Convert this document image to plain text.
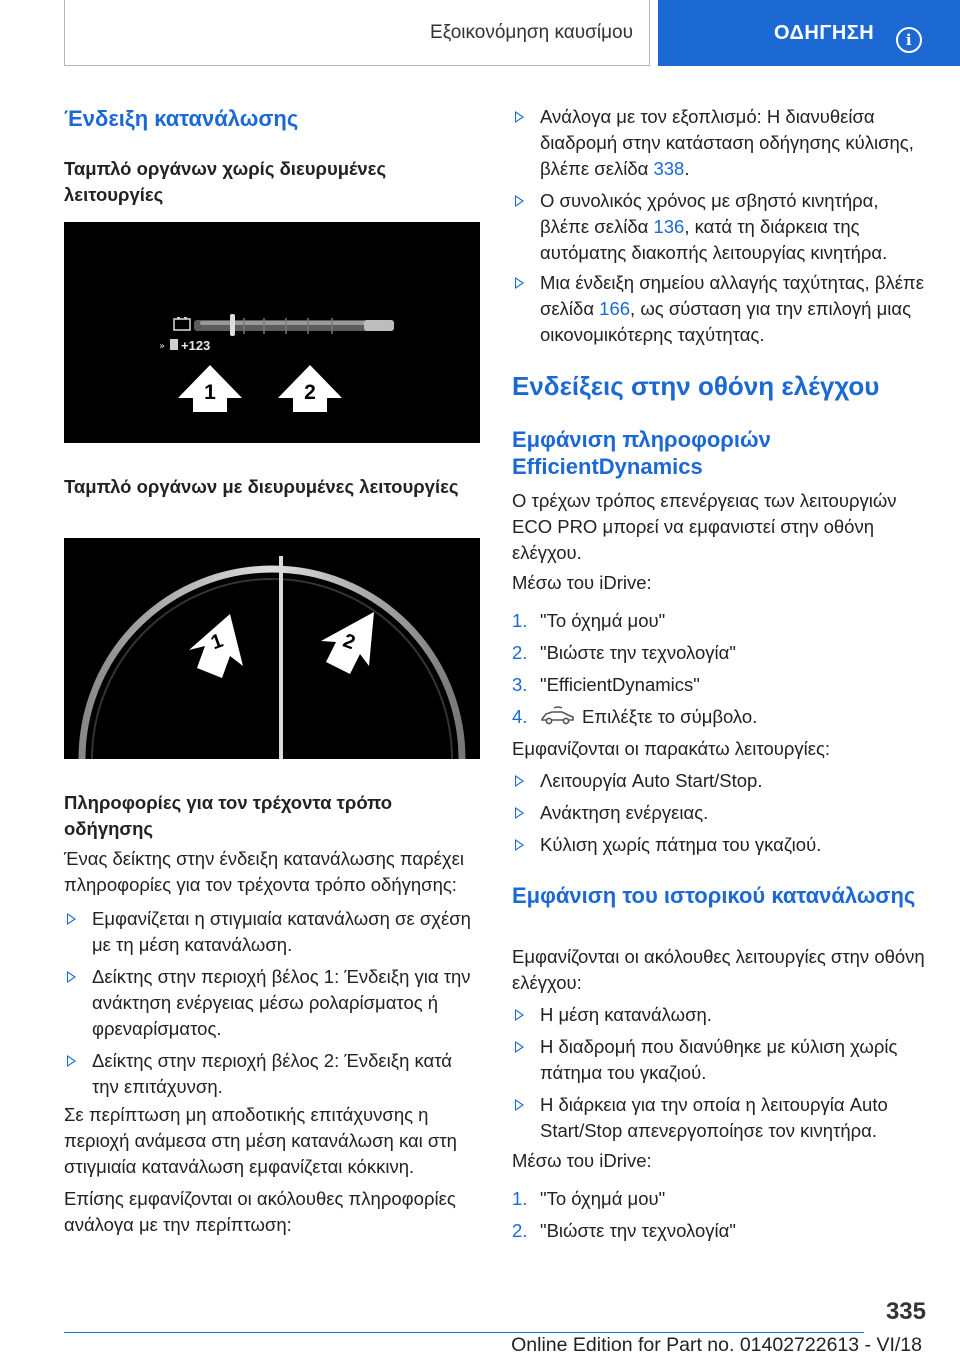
Εξοικονόμηση καυσίμου	ΟΔΗΓΗΣΗ	i
Ένδειξη κατανάλωσης
Ταμπλό οργάνων χωρίς διευρυμένες λειτουργίες
» +123
1	2
Ταμπλό οργάνων με διευρυμένες λειτουργίες
1	2
Πληροφορίες για τον τρέχοντα τρόπο οδήγησης
Ένας δείκτης στην ένδειξη κατανάλωσης παρέχει πληροφορίες για τον τρέχοντα τρόπο οδήγησης:
Εμφανίζεται η στιγμιαία κατανάλωση σε σχέση με τη μέση κατανάλωση.
Δείκτης στην περιοχή βέλος 1: Ένδειξη για την ανάκτηση ενέργειας μέσω ρολαρίσματος ή φρεναρίσματος.
Δείκτης στην περιοχή βέλος 2: Ένδειξη κατά την επιτάχυνση.
Σε περίπτωση μη αποδοτικής επιτάχυνσης η περιοχή ανάμεσα στη μέση κατανάλωση και στη στιγμιαία κατανάλωση εμφανίζεται κόκκινη.
Επίσης εμφανίζονται οι ακόλουθες πληροφορίες ανάλογα με την περίπτωση:
Ανάλογα με τον εξοπλισμό: Η διανυθείσα διαδρομή στην κατάσταση οδήγησης κύλισης, βλέπε σελίδα 338.
Ο συνολικός χρόνος με σβηστό κινητήρα, βλέπε σελίδα 136, κατά τη διάρκεια της αυτόματης διακοπής λειτουργίας κινητήρα.
Μια ένδειξη σημείου αλλαγής ταχύτητας, βλέπε σελίδα 166, ως σύσταση για την επιλογή μιας οικονομικότερης ταχύτητας.
Ενδείξεις στην οθόνη ελέγχου
Εμφάνιση πληροφοριών EfficientDynamics
Ο τρέχων τρόπος επενέργειας των λειτουργιών ECO PRO μπορεί να εμφανιστεί στην οθόνη ελέγχου.
Μέσω του iDrive:
1. "Το όχημά μου"
2. "Βιώστε την τεχνολογία"
3. "EfficientDynamics"
4.	Επιλέξτε το σύμβολο.
Εμφανίζονται οι παρακάτω λειτουργίες:
Λειτουργία Auto Start/Stop.
Ανάκτηση ενέργειας.
Κύλιση χωρίς πάτημα του γκαζιού.
Εμφάνιση του ιστορικού κατανάλωσης
Εμφανίζονται οι ακόλουθες λειτουργίες στην οθόνη ελέγχου:
Η μέση κατανάλωση.
Η διαδρομή που διανύθηκε με κύλιση χωρίς πάτημα του γκαζιού.
Η διάρκεια για την οποία η λειτουργία Auto Start/Stop απενεργοποίησε τον κινητήρα.
Μέσω του iDrive:
1. "Το όχημά μου"
2. "Βιώστε την τεχνολογία"
335
Online Edition for Part no. 01402722613 - VI/18
